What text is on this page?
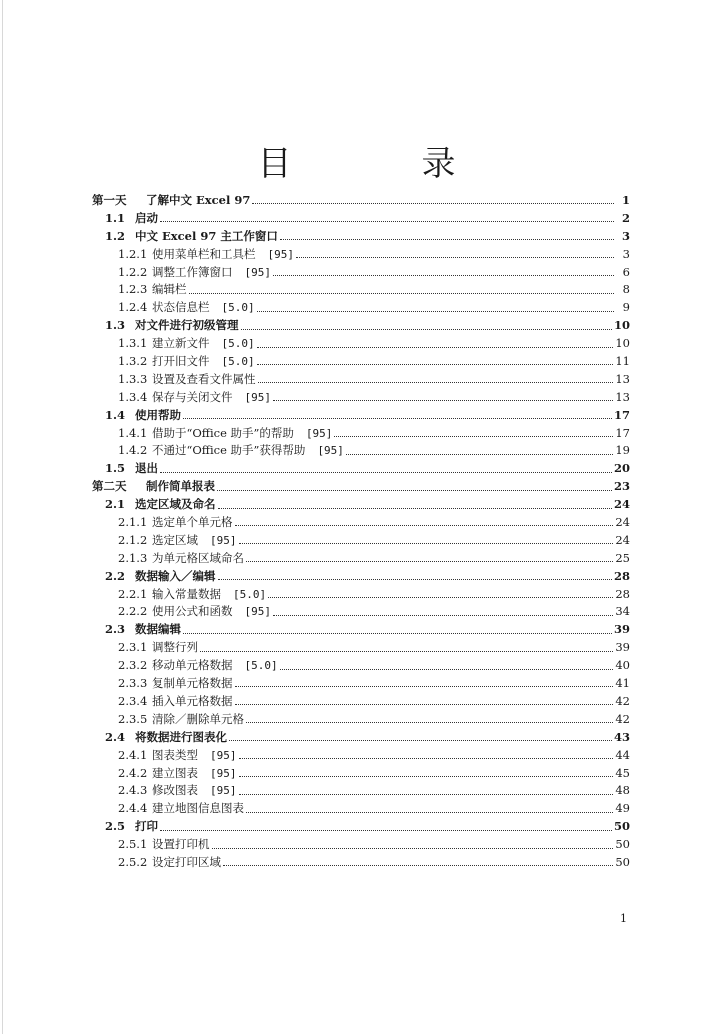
目　录
第一天	了解中文 Excel 97	1
1.1 启动	2
1.2 中文 Excel 97 主工作窗口	3
1.2.1 使用菜单栏和工具栏 [95]	3
1.2.2 调整工作簿窗口 [95]	6
1.2.3 编辑栏	8
1.2.4 状态信息栏 [5.0]	9
1.3 对文件进行初级管理	10
1.3.1 建立新文件 [5.0]	10
1.3.2 打开旧文件 [5.0]	11
1.3.3 设置及查看文件属性	13
1.3.4 保存与关闭文件 [95]	13
1.4 使用帮助	17
1.4.1 借助于“Office 助手”的帮助 [95]	17
1.4.2 不通过“Office 助手”获得帮助 [95]	19
1.5 退出	20
第二天	制作简单报表	23
2.1 选定区域及命名	24
2.1.1 选定单个单元格	24
2.1.2 选定区域 [95]	24
2.1.3 为单元格区域命名	25
2.2 数据输入／编辑	28
2.2.1 输入常量数据 [5.0]	28
2.2.2 使用公式和函数 [95]	34
2.3 数据编辑	39
2.3.1 调整行列	39
2.3.2 移动单元格数据 [5.0]	40
2.3.3 复制单元格数据	41
2.3.4 插入单元格数据	42
2.3.5 清除／删除单元格	42
2.4 将数据进行图表化	43
2.4.1 图表类型 [95]	44
2.4.2 建立图表 [95]	45
2.4.3 修改图表 [95]	48
2.4.4 建立地图信息图表	49
2.5 打印	50
2.5.1 设置打印机	50
2.5.2 设定打印区域	50
1
